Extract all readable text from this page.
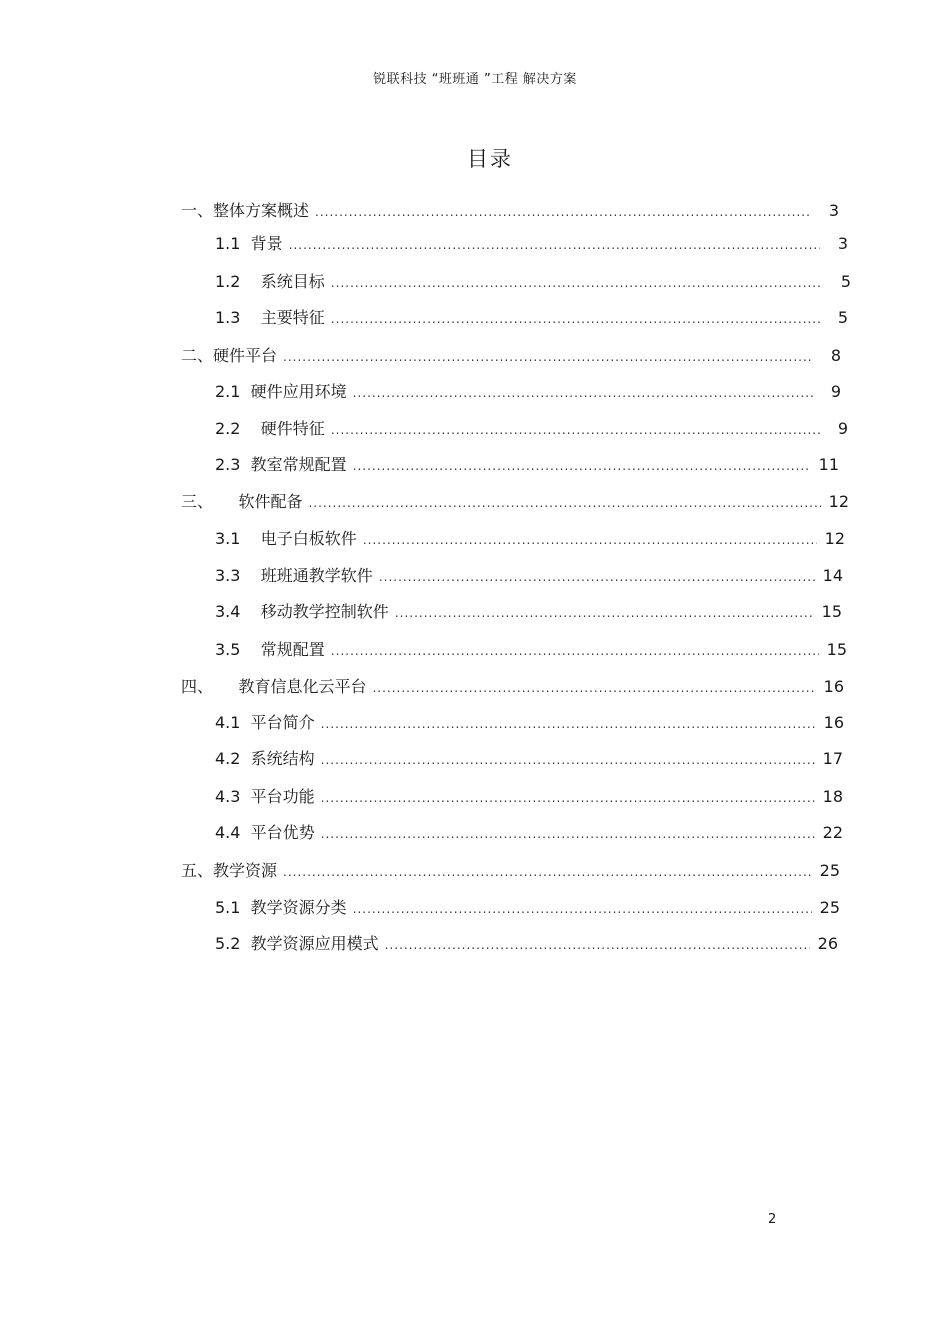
锐联科技 “班班通 ”工程 解决方案
目录
一、 整体方案概述 .....	3
1.1 背景 .....	3
1.2 系统目标 .....	5
1.3 主要特征 .....	5
二、 硬件平台 .....	8
2.1 硬件应用环境 .....	9
2.2 硬件特征 .....	9
2.3 教室常规配置 .....	11
三、 软件配备 .....	12
3.1 电子白板软件 .....	12
3.3 班班通教学软件 .....	14
3.4 移动教学控制软件 .....	15
3.5 常规配置 .....	15
四、 教育信息化云平台 .....	16
4.1 平台简介 .....	16
4.2 系统结构 .....	17
4.3 平台功能 .....	18
4.4 平台优势 .....	22
五、 教学资源 .....	25
5.1 教学资源分类 .....	25
5.2 教学资源应用模式 .....	26
2
